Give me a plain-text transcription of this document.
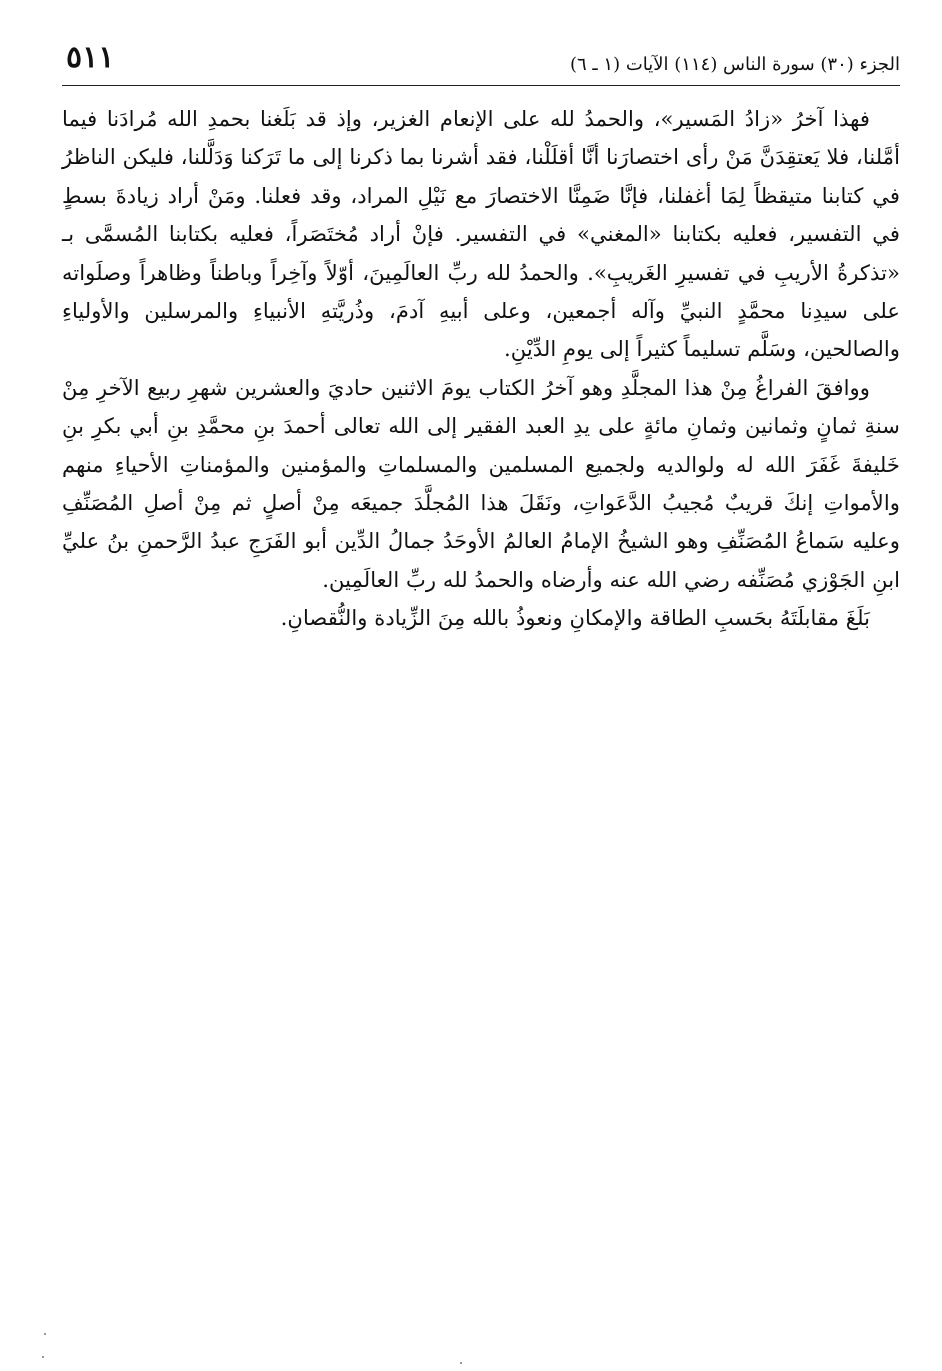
٥١١	الجزء (٣٠) سورة الناس (١١٤) الآيات (١ ـ ٦)

فهذا آخرُ «زادُ المَسير»، والحمدُ لله على الإنعام الغزير، وإذ قد بَلَغنا بحمدِ الله مُرادَنا فيما أمَّلنا، فلا يَعتقِدَنَّ مَنْ رأى اختصارَنا أنَّا أقلَلْنا، فقد أشرنا بما ذكرنا إلى ما تَرَكنا وَدَلَّلنا، فليكن الناظرُ في كتابنا متيقظاً لِمَا أغفلنا، فإنَّا ضَمِنَّا الاختصارَ مع نَيْلِ المراد، وقد فعلنا. ومَنْ أراد زيادةَ بسطٍ في التفسير، فعليه بكتابنا «المغني» في التفسير. فإنْ أراد مُختَصَراً، فعليه بكتابنا المُسمَّى بـ «تذكرةُ الأريبِ في تفسيرِ الغَريبِ». والحمدُ لله ربِّ العالَمِينَ، أوّلاً وآخِراً وباطناً وظاهراً وصلَواته على سيدِنا محمَّدٍ النبيِّ وآله أجمعين، وعلى أبيهِ آدمَ، وذُريَّتهِ الأنبياءِ والمرسلين والأولياءِ والصالحين، وسَلَّم تسليماً كثيراً إلى يومِ الدِّيْنِ.

ووافقَ الفراغُ مِنْ هذا المجلَّدِ وهو آخرُ الكتاب يومَ الاثنين حاديَ والعشرين شهرِ ربيع الآخرِ مِنْ سنةِ ثمانٍ وثمانين وثمانِ مائةٍ على يدِ العبد الفقير إلى الله تعالى أحمدَ بنِ محمَّدِ بنِ أبي بكرِ بنِ خَليفةَ غَفَرَ الله له ولوالديه ولجميع المسلمين والمسلماتِ والمؤمنين والمؤمناتِ الأحياءِ منهم والأمواتِ إنكَ قريبٌ مُجيبُ الدَّعَواتِ، ونَقَلَ هذا المُجلَّدَ جميعَه مِنْ أصلٍ ثم مِنْ أصلِ المُصَنِّفِ وعليه سَماعُ المُصَنِّفِ وهو الشيخُ الإمامُ العالمُ الأوحَدُ جمالُ الدِّين أبو الفَرَجِ عبدُ الرَّحمنِ بنُ عليِّ ابنِ الجَوْزي مُصَنِّفه رضي الله عنه وأرضاه والحمدُ لله ربِّ العالَمِين.

بَلَغَ مقابلَتَهُ بحَسبِ الطاقة والإمكانِ ونعوذُ بالله مِنَ الزِّيادة والنُّقصانِ.
